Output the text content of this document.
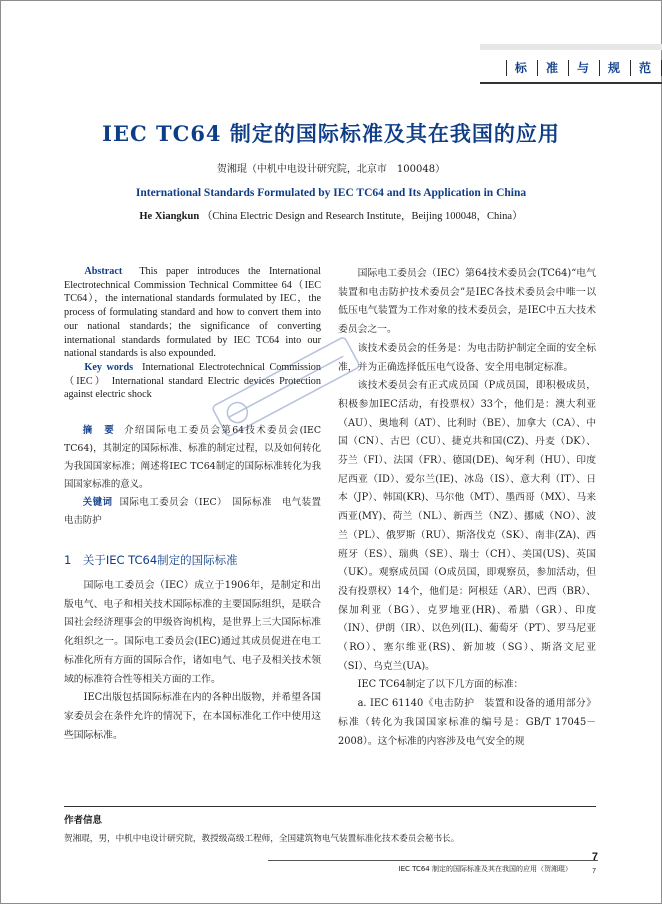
标 准 与 规 范
IEC TC64 制定的国际标准及其在我国的应用
贺湘琨（中机中电设计研究院，北京市　100048）
International Standards Formulated by IEC TC64 and Its Application in China
He Xiangkun （China Electric Design and Research Institute，Beijing 100048，China）
Abstract This paper introduces the International Electrotechnical Commission Technical Committee 64（IEC TC64），the international standards formulated by IEC，the process of formulating standard and how to convert them into our national standards；the significance of converting international standards formulated by IEC TC64 into our national standards is also expounded.
Key words International Electrotechnical Commission（IEC） International standard Electric devices Protection against electric shock
摘　要 介绍国际电工委员会第64技术委员会(IEC TC64)，其制定的国际标准、标准的制定过程，以及如何转化为我国国家标准；阐述将IEC TC64制定的国际标准转化为我国国家标准的意义。
关键词 国际电工委员会（IEC）　国际标准　电气装置　电击防护
1　关于IEC TC64制定的国际标准

国际电工委员会（IEC）成立于1906年，是制定和出版电气、电子和相关技术国际标准的主要国际组织，是联合国社会经济理事会的甲级咨询机构，是世界上三大国际标准化组织之一。国际电工委员会(IEC)通过其成员促进在电工标准化所有方面的国际合作，诸如电气、电子及相关技术领域的标准符合性等相关方面的工作。

IEC出版包括国际标准在内的各种出版物，并希望各国家委员会在条件允许的情况下，在本国标准化工作中使用这些国际标准。

国际电工委员会（IEC）第64技术委员会(TC64)“电气装置和电击防护技术委员会”是IEC各技术委员会中唯一以低压电气装置为工作对象的技术委员会，是IEC中五大技术委员会之一。

该技术委员会的任务是：为电击防护制定全面的安全标准，并为正确选择低压电气设备、安全用电制定标准。

该技术委员会有正式成员国（P成员国，即积极成员，积极参加IEC活动，有投票权）33个，他们是：澳大利亚（AU）、奥地利（AT）、比利时（BE）、加拿大（CA）、中国（CN）、古巴（CU）、捷克共和国(CZ)、丹麦（DK）、芬兰（FI）、法国（FR）、德国(DE)、匈牙利（HU）、印度尼西亚（ID）、爱尔兰(IE)、冰岛（IS）、意大利（IT）、日本（JP）、韩国(KR)、马尔他（MT）、墨西哥（MX）、马来西亚(MY)、荷兰（NL）、新西兰（NZ）、挪威（NO）、波兰（PL）、俄罗斯（RU）、斯洛伐克（SK）、南非(ZA)、西班牙（ES）、瑞典（SE）、瑞士（CH）、美国(US)、英国（UK）。观察成员国（O成员国，即观察员，参加活动，但没有投票权）14个，他们是：阿根廷（AR）、巴西（BR）、保加利亚（BG）、克罗地亚(HR)、希腊（GR）、印度（IN）、伊朗（IR）、以色列(IL)、葡萄牙（PT）、罗马尼亚（RO）、塞尔维亚(RS)、新加坡（SG）、斯洛文尼亚（SI）、乌克兰(UA)。

IEC TC64制定了以下几方面的标准：

a. IEC 61140《电击防护　装置和设备的通用部分》标准（转化为我国国家标准的编号是：GB/T 17045－2008）。这个标准的内容涉及电气安全的规

作者信息
贺湘琨，男，中机中电设计研究院，教授级高级工程师，全国建筑物电气装置标准化技术委员会秘书长。
IEC TC64 制定的国际标准及其在我国的应用（贺湘琨）
7
7
